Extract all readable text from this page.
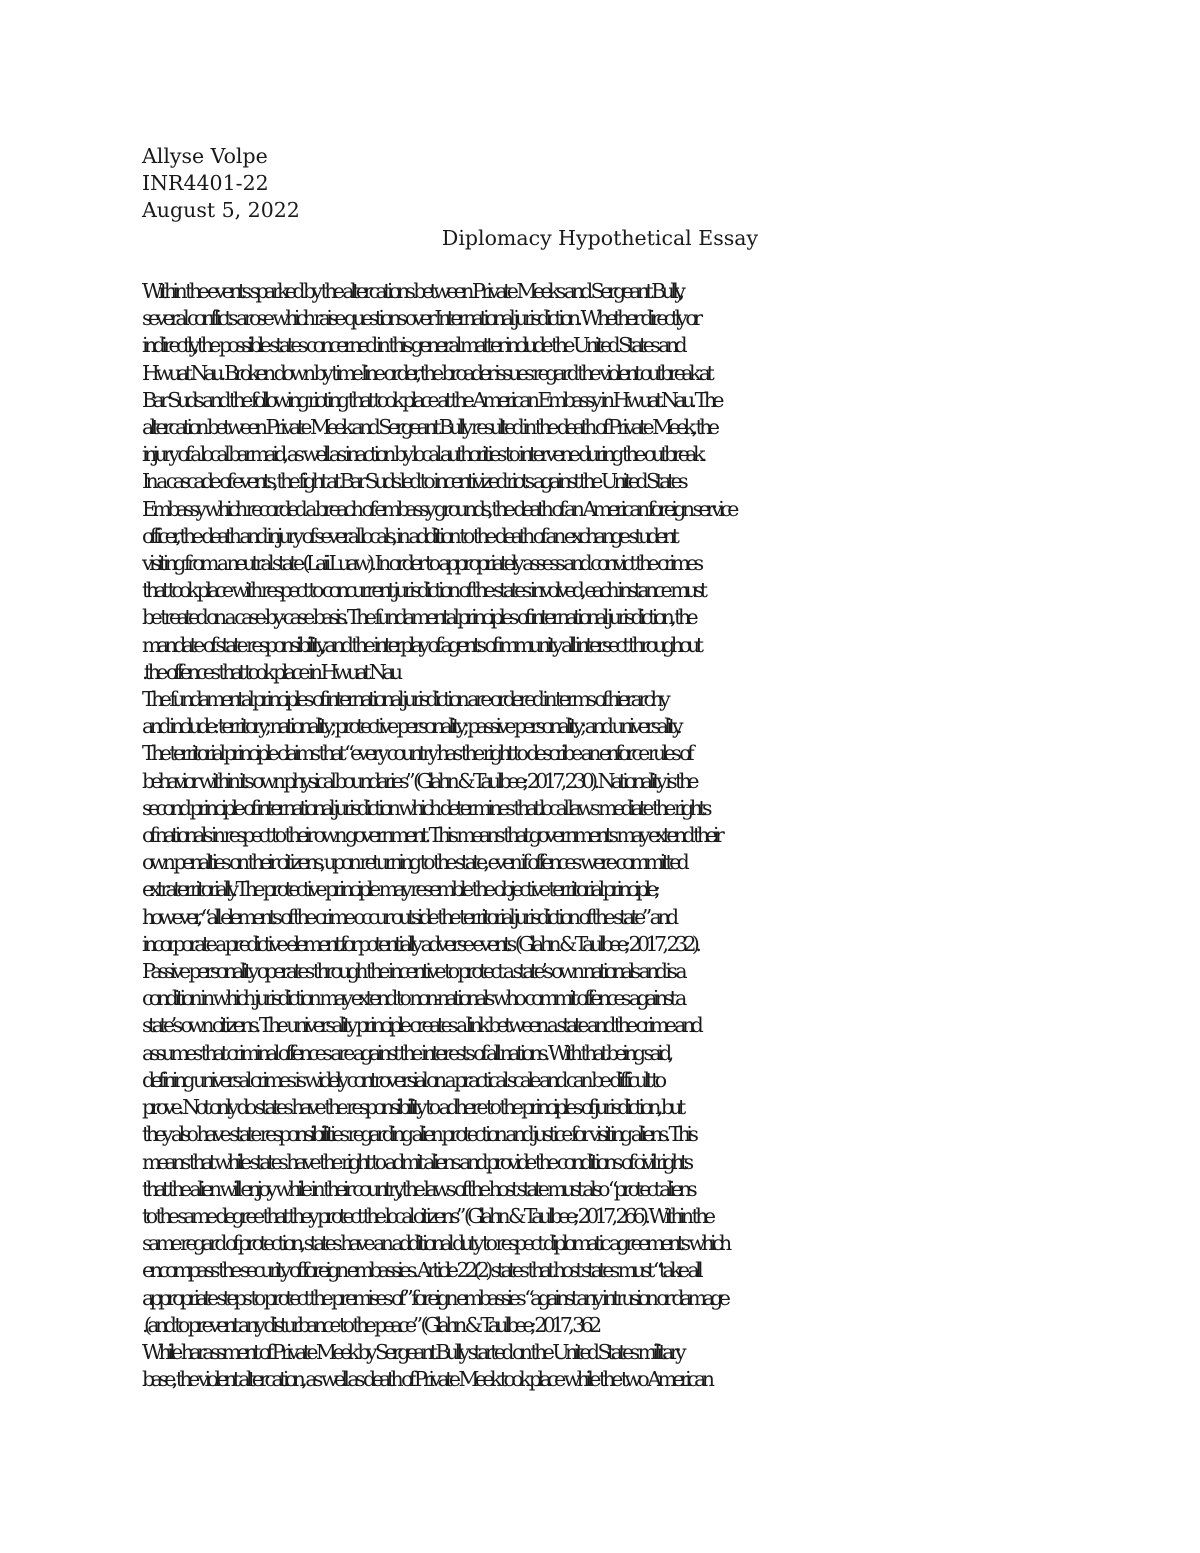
Allyse Volpe
INR4401-22
August 5, 2022
Diplomacy Hypothetical Essay
Within the events sparked by the altercations between Private Meeks and Sergeant Bully,
several conflicts arose which raise questions over International jurisdiction. Whether directly or
indirectly, the possible states concerned in this general matter include the United States and
Hwuat Nau. Broken down by time line order, the broader issues regard the violent outbreak at
Bar Suds and the following rioting that took place at the American Embassy in Hwuat Nau. The
altercation between Private Meek and Sergeant Bully resulted in the death of Private Meek, the
injury of a local barmaid, as well as inaction by local authorities to intervene during the outbreak.
In a cascade of events, the fight at Bar Suds led to incentivized riots against the United States
Embassy which recorded a breach of embassy grounds, the death of an American foreign service
officer, the death and injury of several locals, in addition to the death of an exchange student
visiting from a neutral state (Laii Luaw). In order to appropriately assess and convict the crimes
that took place with respect to concurrent jurisdiction of the states involved, each instance must
be treated on a case-by-case basis. The fundamental principles of international jurisdiction, the
mandate of state responsibility, and the interplay of agents of immunity all intersect throughout
.the offences that took place in Hwuat Nau
The fundamental principles of international jurisdiction are ordered in terms of hierarchy
and include: territory; nationality; protective personality; passive personality; and universality.
The territorial principle claims that “every country has the right to describe an enforce rules of
behavior within its own physical boundaries” (Glahn & Taulbee; 2017, 230). Nationality is the
second principle of international jurisdiction which determines that local laws mediate the rights
of nationals in respect to their own government. This means that governments may extend their
own penalties on their citizens, upon returning to the state, even if offences were committed
extraterritorially. The protective principle may resemble the objective territorial principle;
however, “all elements of the crime occur outside the territorial jurisdiction of the state” and
incorporate a predictive element for potentially adverse events (Glahn & Taulbee; 2017, 232).
Passive personality operates through the incentive to protect a state’s own nationals and is a
condition in which jurisdiction may extend to non-nationals who commit offences against a
state’s own citizens. The universality principle creates a link between a state and the crime and
assumes that criminal offences are against the interests of all nations. With that being said,
defining universal crimes is widely controversial on a practical scale and can be difficult to
prove. Not only do states have the responsibility to adhere to the principles of jurisdiction, but
they also have state responsibilities regarding alien protection and justice for visiting aliens. This
means that while states have the right to admit aliens and provide the conditions of civil rights
that the alien will enjoy while in their country, the laws of the host state must also “protect aliens
to the same degree that they protect the local citizens” (Glahn & Taulbee; 2017, 266). Within the
same regard of protection, states have an additional duty to respect diplomatic agreements which
encompass the security of foreign embassies. Article 22(2) states that host states must “take all
appropriate steps to protect the premises of” foreign embassies “against any intrusion or damage
.(and to prevent any disturbance to the peace” (Glahn & Taulbee; 2017, 362
While harassment of Private Meek by Sergeant Bully started on the United States military
base, the violent altercation, as well as death of Private Meek took place while the two American
